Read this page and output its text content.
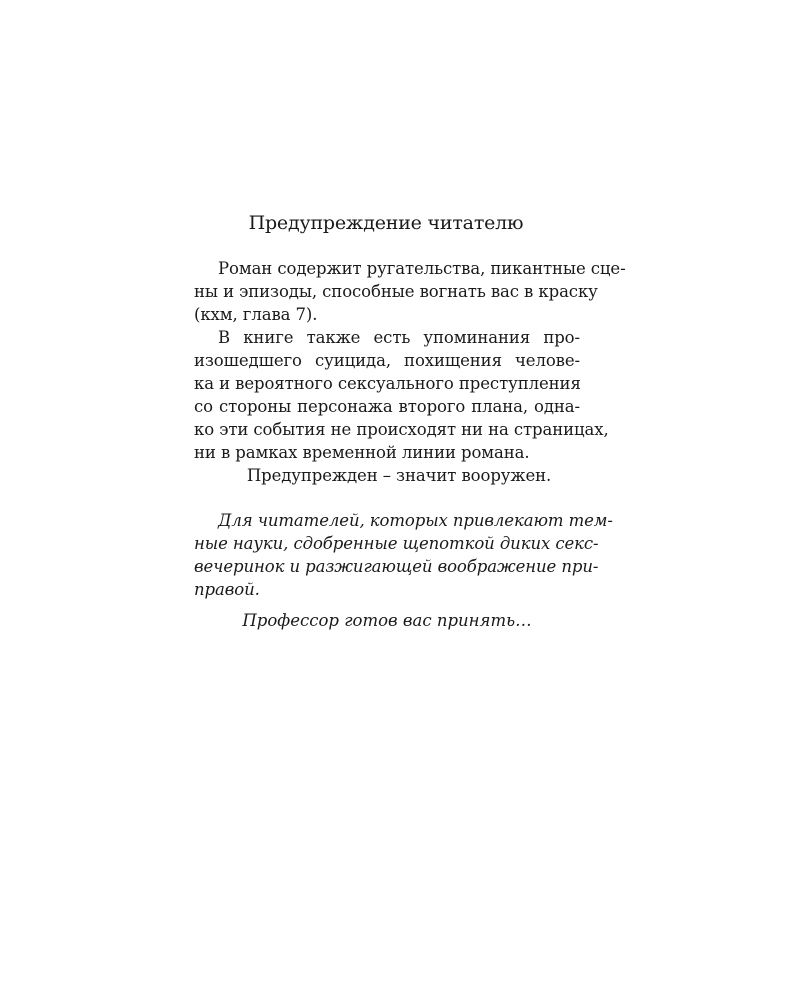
Предупреждение читателю
Роман содержит ругательства, пикантные сце-
ны и эпизоды, способные вогнать вас в краску
(кхм, глава 7).
В книге также есть упоминания про-
изошедшего суицида, похищения челове-
ка и вероятного сексуального преступления
со стороны персонажа второго плана, одна-
ко эти события не происходят ни на страницах,
ни в рамках временной линии романа.
Предупрежден – значит вооружен.
Для читателей, которых привлекают тем-
ные науки, сдобренные щепоткой диких секс-
вечеринок и разжигающей воображение при-
правой.
Профессор готов вас принять…
